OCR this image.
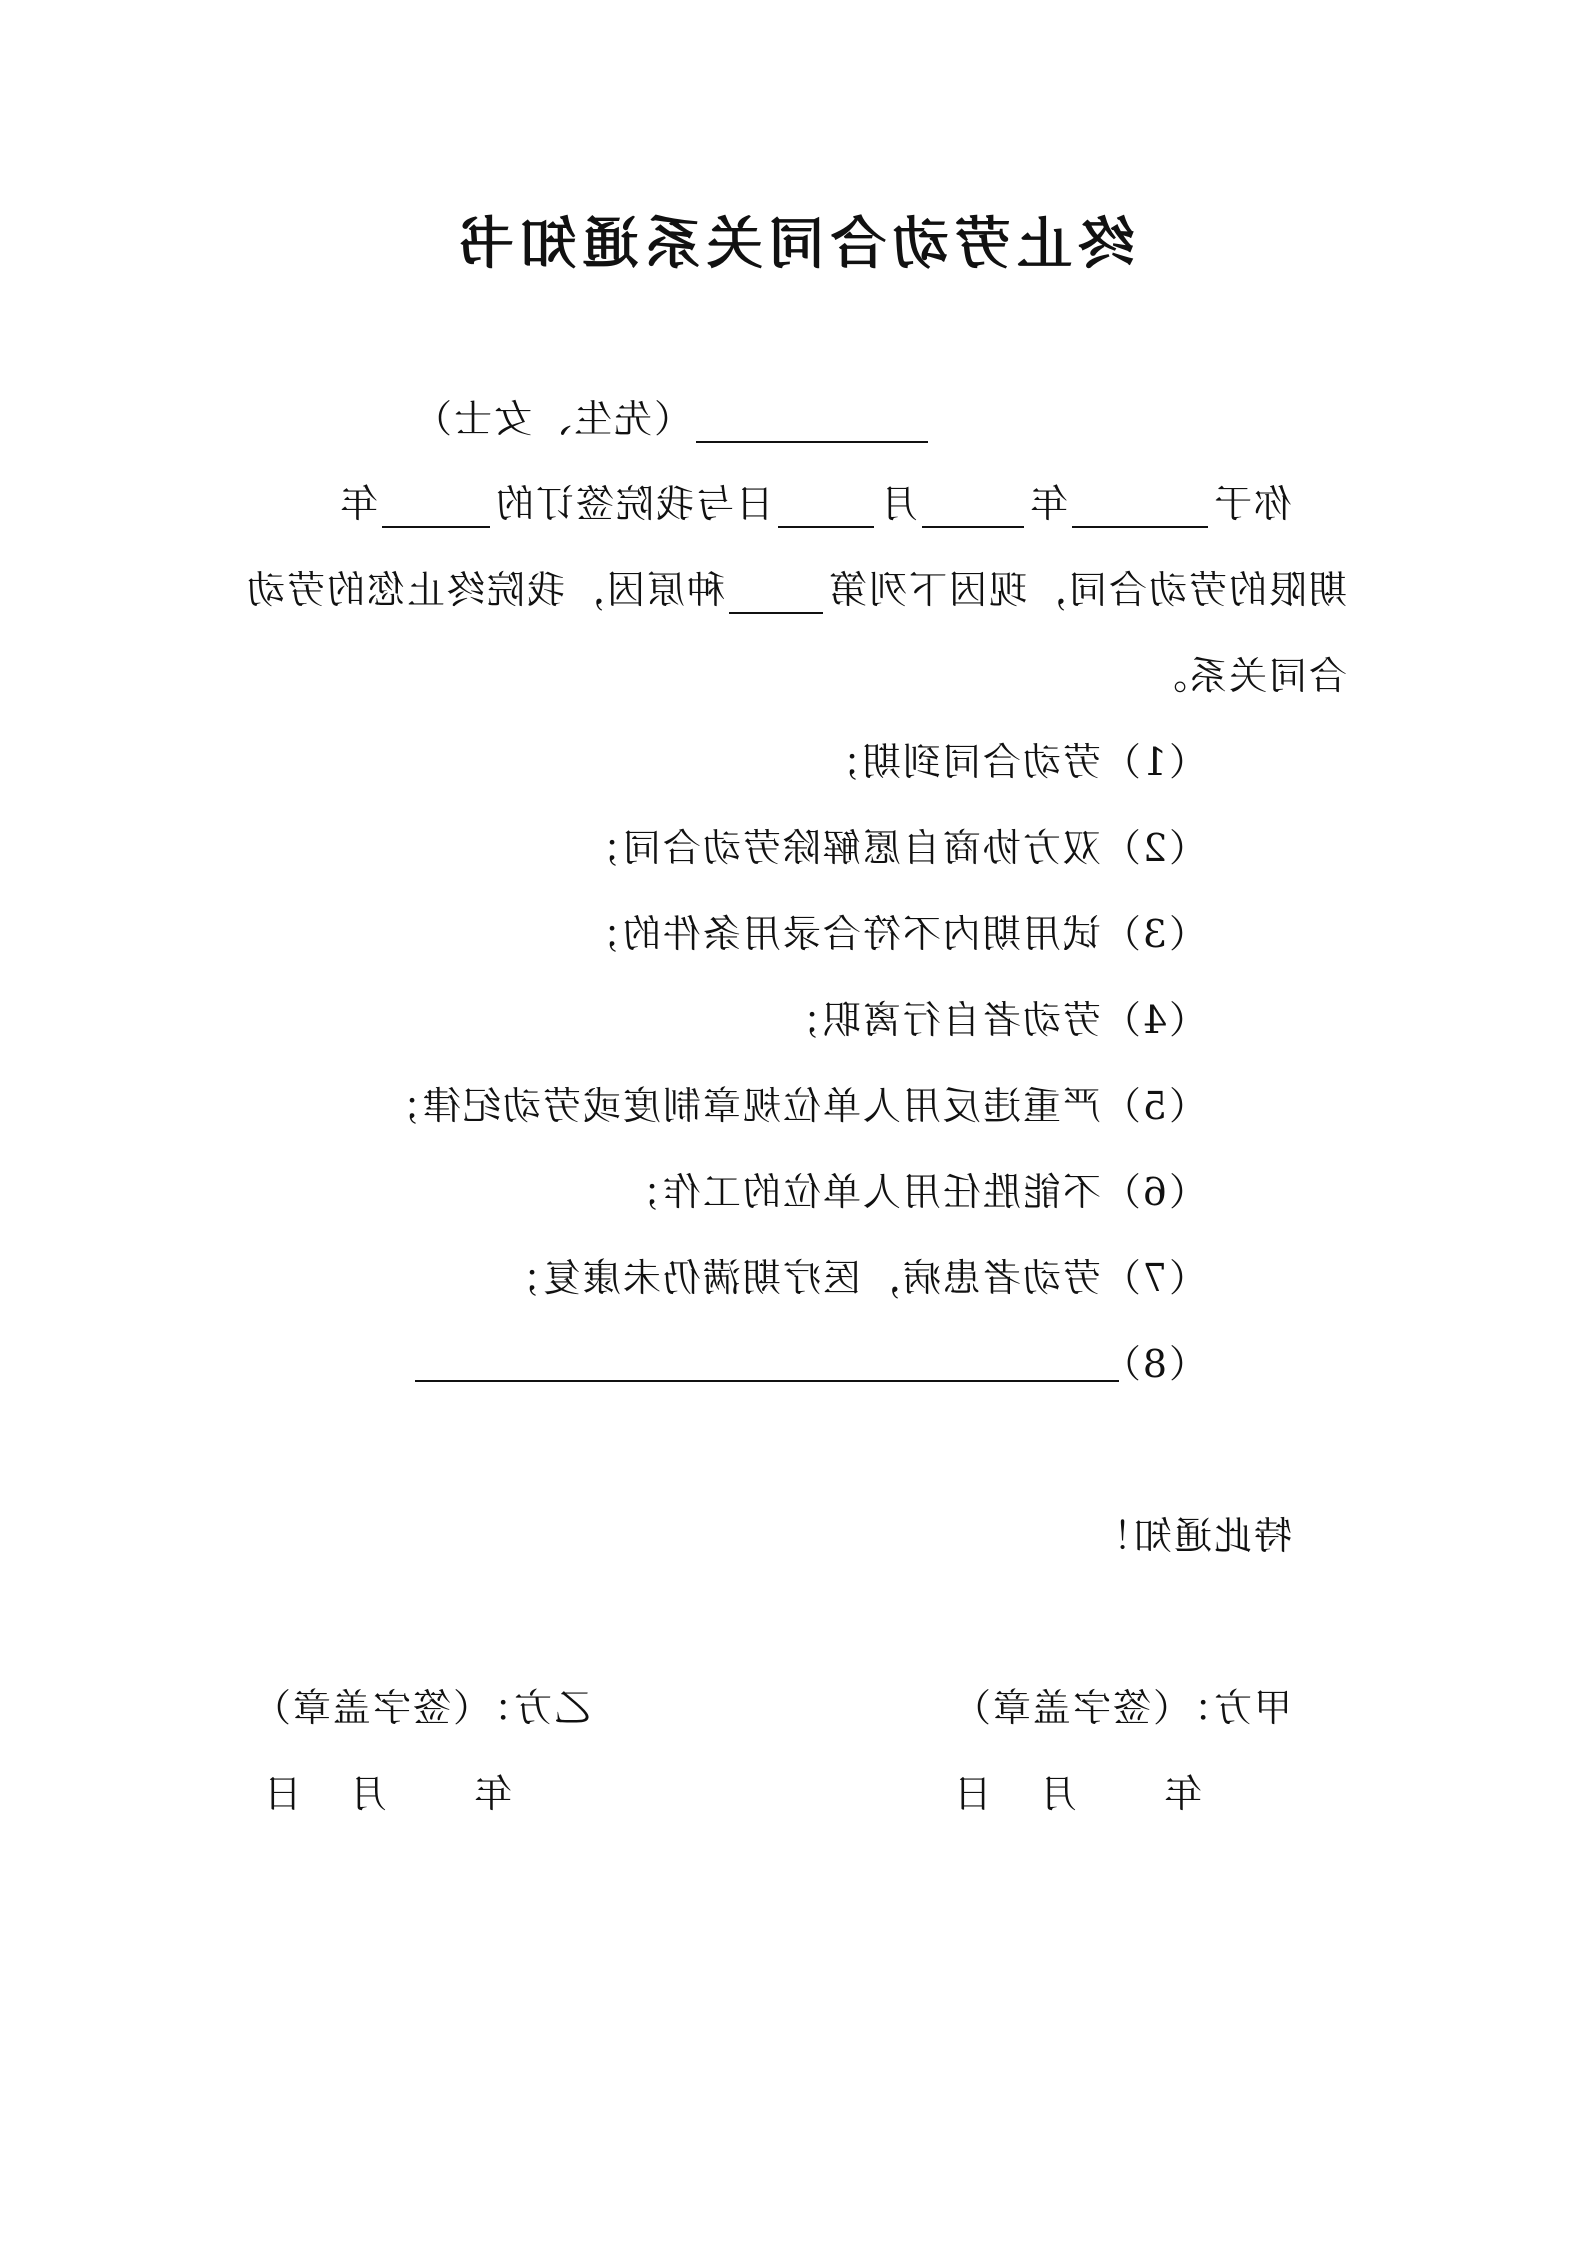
终止劳动合同关系通知书
（先生、女士）
你于年月日与我院签订的年
期限的劳动合同，现因下列第种原因，我院终止您的劳动
合同关系。
（1）劳动合同到期；
（2）双方协商自愿解除劳动合同；
（3）试用期内不符合录用条件的；
（4）劳动者自行离职；
（5）严重违反用人单位规章制度或劳动纪律；
（6）不能胜任用人单位的工作；
（7）劳动者患病，医疗期满仍未康复；
（8）
特此通知！
甲方：（签字盖章）
年
月
日
乙方：（签字盖章）
年
月
日
